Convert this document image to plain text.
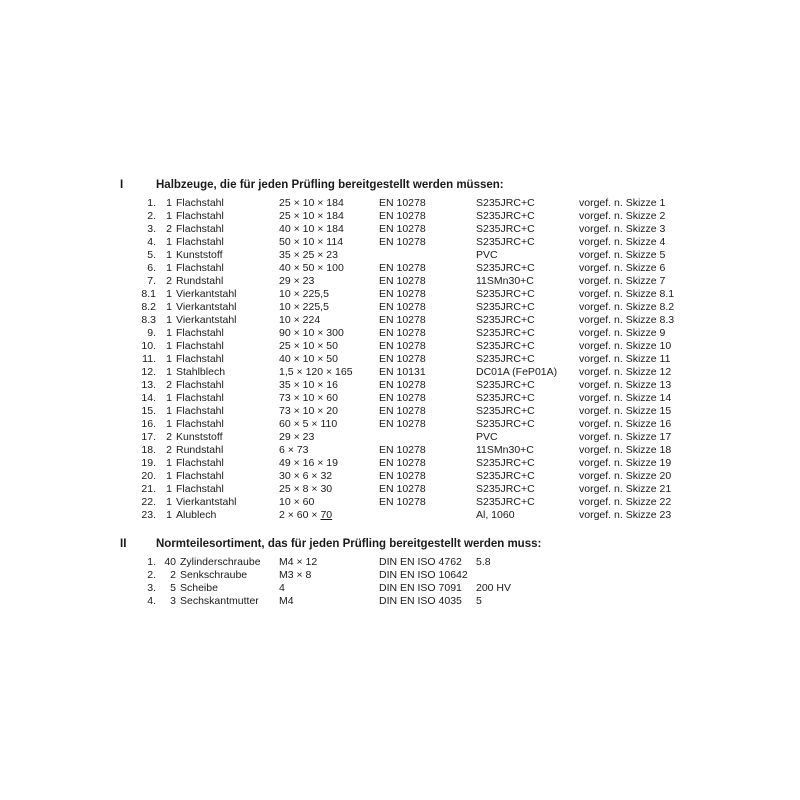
I	Halbzeuge, die für jeden Prüfling bereitgestellt werden müssen:
1.	1	Flachstahl	25 × 10 × 184	EN 10278	S235JRC+C	vorgef. n. Skizze 1
2.	1	Flachstahl	25 × 10 × 184	EN 10278	S235JRC+C	vorgef. n. Skizze 2
3.	2	Flachstahl	40 × 10 × 184	EN 10278	S235JRC+C	vorgef. n. Skizze 3
4.	1	Flachstahl	50 × 10 × 114	EN 10278	S235JRC+C	vorgef. n. Skizze 4
5.	1	Kunststoff	35 × 25 × 23		PVC	vorgef. n. Skizze 5
6.	1	Flachstahl	40 × 50 × 100	EN 10278	S235JRC+C	vorgef. n. Skizze 6
7.	2	Rundstahl	29 × 23	EN 10278	11SMn30+C	vorgef. n. Skizze 7
8.1	1	Vierkantstahl	10 × 225,5	EN 10278	S235JRC+C	vorgef. n. Skizze 8.1
8.2	1	Vierkantstahl	10 × 225,5	EN 10278	S235JRC+C	vorgef. n. Skizze 8.2
8.3	1	Vierkantstahl	10 × 224	EN 10278	S235JRC+C	vorgef. n. Skizze 8.3
9.	1	Flachstahl	90 × 10 × 300	EN 10278	S235JRC+C	vorgef. n. Skizze 9
10.	1	Flachstahl	25 × 10 × 50	EN 10278	S235JRC+C	vorgef. n. Skizze 10
11.	1	Flachstahl	40 × 10 × 50	EN 10278	S235JRC+C	vorgef. n. Skizze 11
12.	1	Stahlblech	1,5 × 120 × 165	EN 10131	DC01A (FeP01A)	vorgef. n. Skizze 12
13.	2	Flachstahl	35 × 10 × 16	EN 10278	S235JRC+C	vorgef. n. Skizze 13
14.	1	Flachstahl	73 × 10 × 60	EN 10278	S235JRC+C	vorgef. n. Skizze 14
15.	1	Flachstahl	73 × 10 × 20	EN 10278	S235JRC+C	vorgef. n. Skizze 15
16.	1	Flachstahl	60 × 5 × 110	EN 10278	S235JRC+C	vorgef. n. Skizze 16
17.	2	Kunststoff	29 × 23		PVC	vorgef. n. Skizze 17
18.	2	Rundstahl	6 × 73	EN 10278	11SMn30+C	vorgef. n. Skizze 18
19.	1	Flachstahl	49 × 16 × 19	EN 10278	S235JRC+C	vorgef. n. Skizze 19
20.	1	Flachstahl	30 × 6 × 32	EN 10278	S235JRC+C	vorgef. n. Skizze 20
21.	1	Flachstahl	25 × 8 × 30	EN 10278	S235JRC+C	vorgef. n. Skizze 21
22.	1	Vierkantstahl	10 × 60	EN 10278	S235JRC+C	vorgef. n. Skizze 22
23.	1	Alublech	2 × 60 × 70		Al, 1060	vorgef. n. Skizze 23
II	Normteilesortiment, das für jeden Prüfling bereitgestellt werden muss:
1.	40	Zylinderschraube	M4 × 12	DIN EN ISO 4762	5.8
2.	2	Senkschraube	M3 × 8	DIN EN ISO 10642	
3.	5	Scheibe	4	DIN EN ISO 7091	200 HV
4.	3	Sechskantmutter	M4	DIN EN ISO 4035	5
